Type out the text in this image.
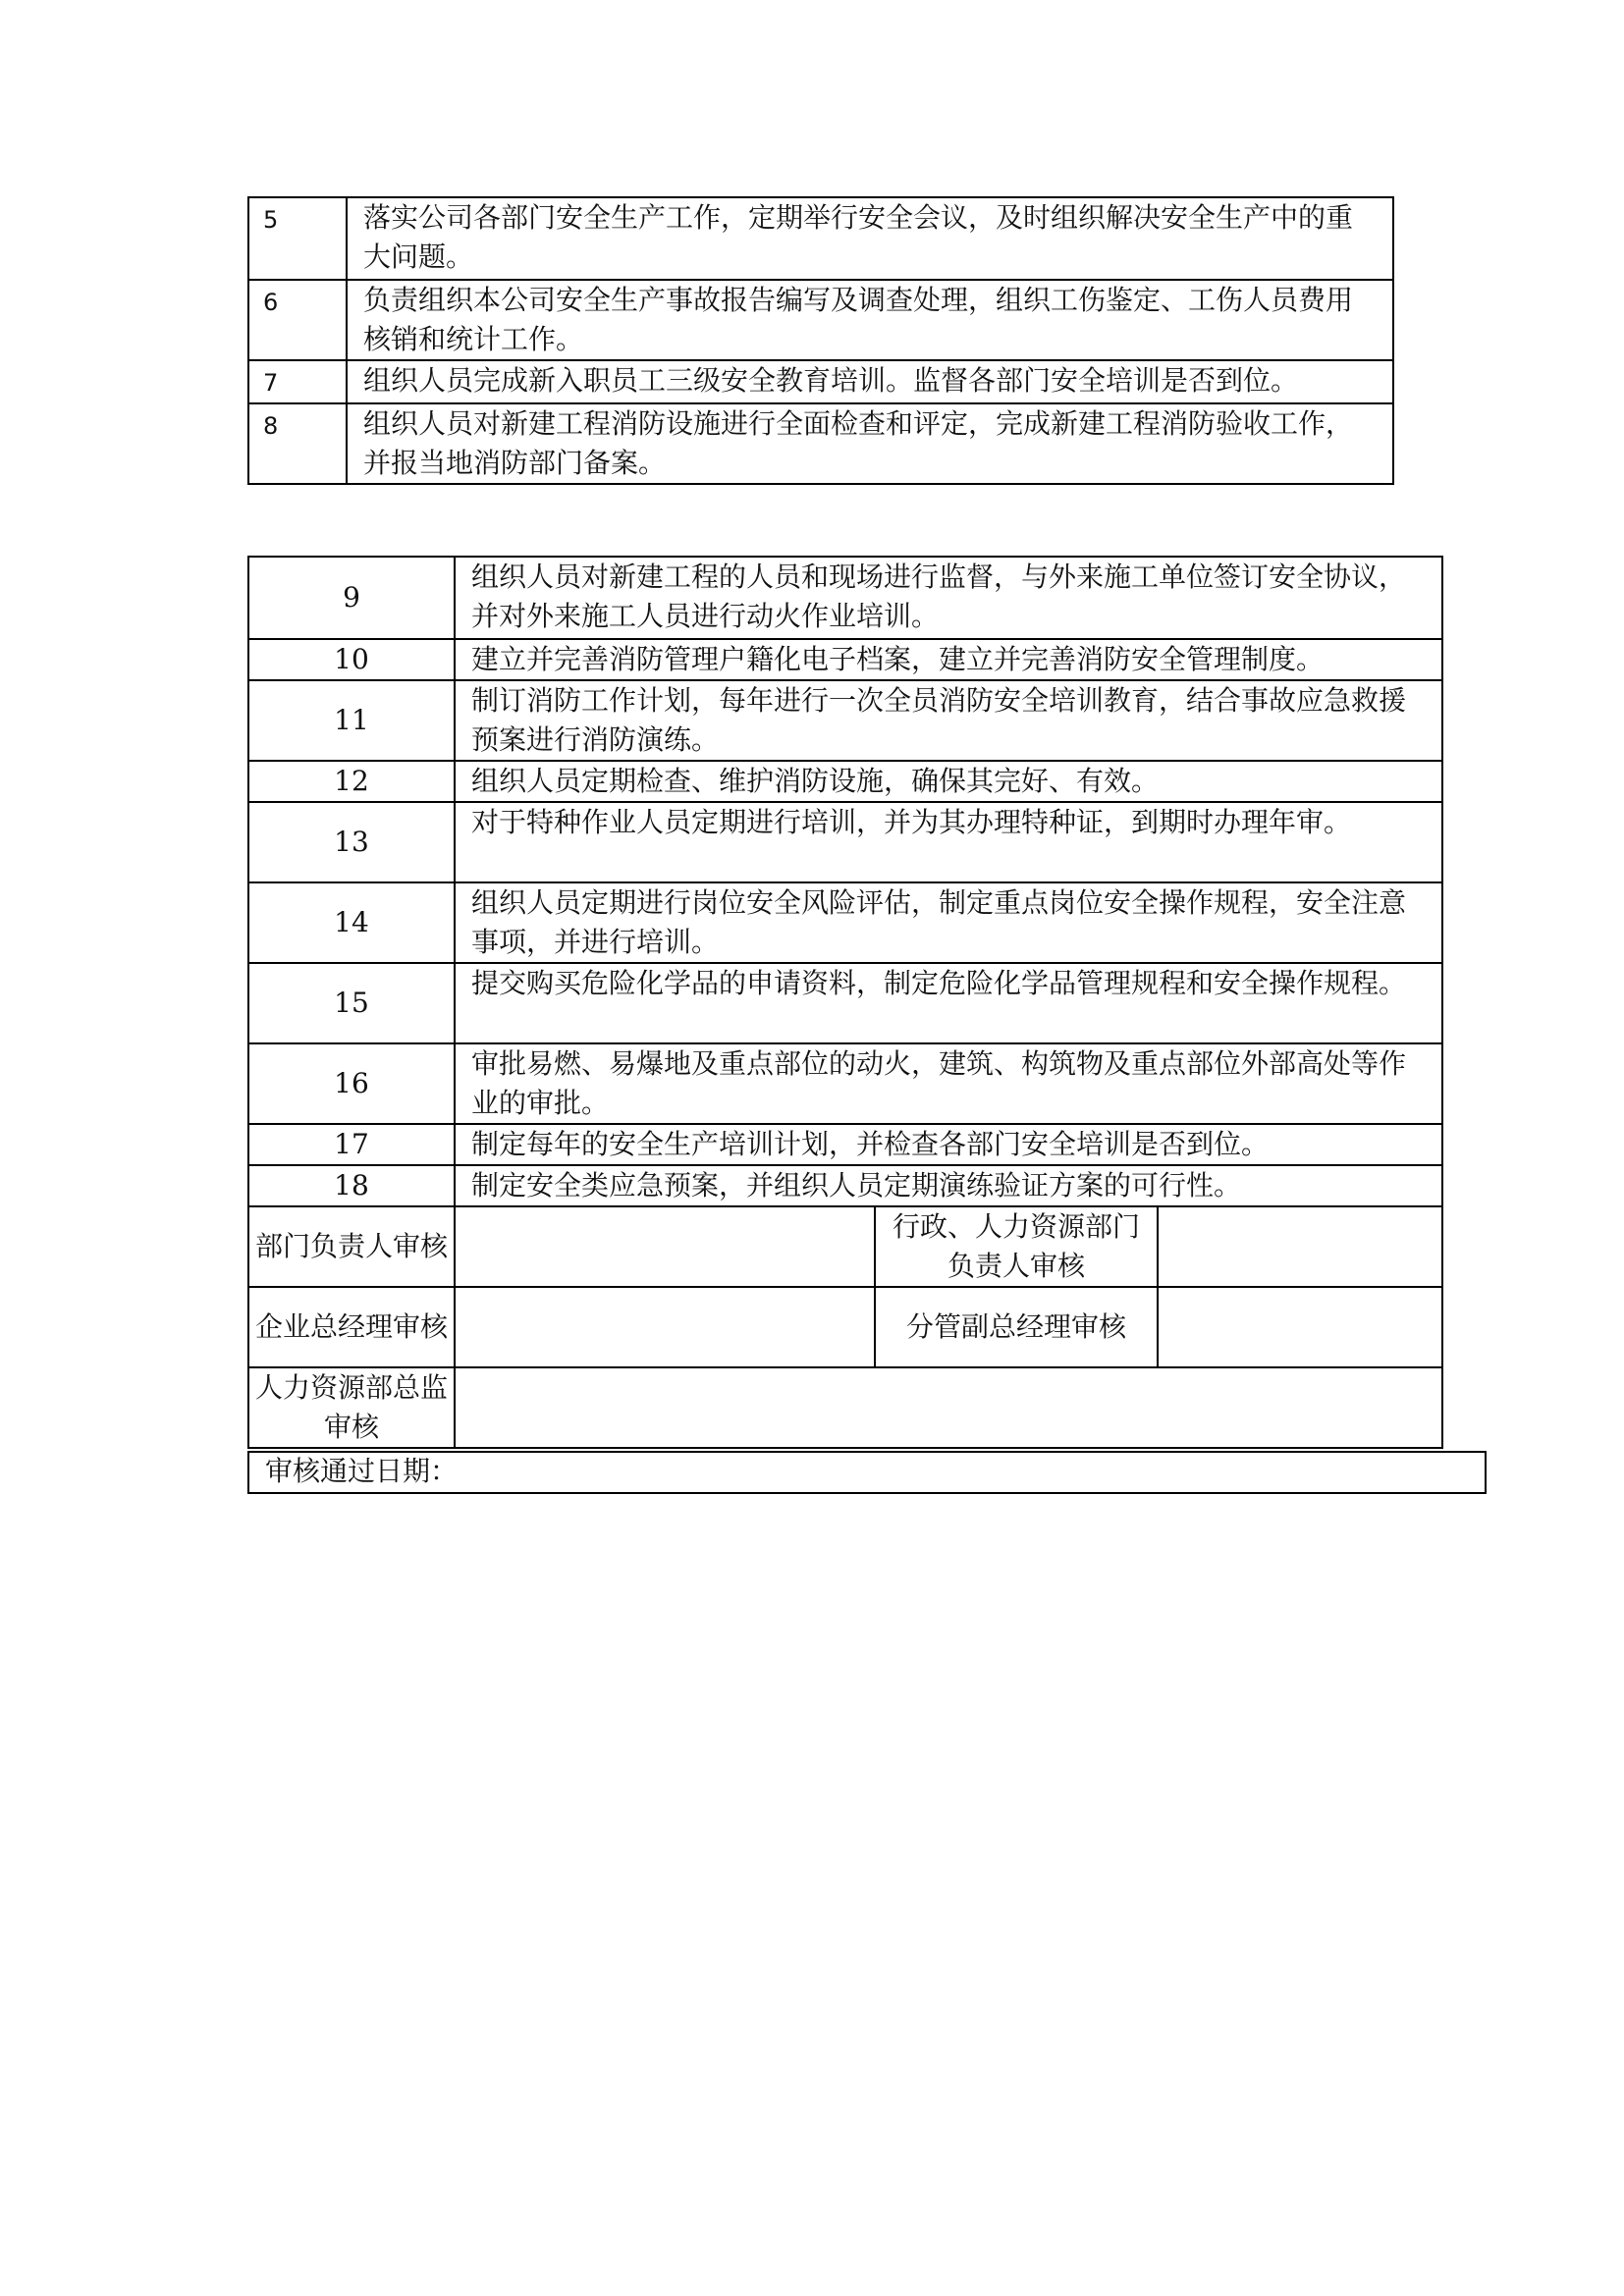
5	落实公司各部门安全生产工作，定期举行安全会议，及时组织解决安全生产中的重大问题。
6	负责组织本公司安全生产事故报告编写及调查处理，组织工伤鉴定、工伤人员费用核销和统计工作。
7	组织人员完成新入职员工三级安全教育培训。监督各部门安全培训是否到位。
8	组织人员对新建工程消防设施进行全面检查和评定，完成新建工程消防验收工作，并报当地消防部门备案。
9	组织人员对新建工程的人员和现场进行监督，与外来施工单位签订安全协议，并对外来施工人员进行动火作业培训。		
10	建立并完善消防管理户籍化电子档案，建立并完善消防安全管理制度。		
11	制订消防工作计划，每年进行一次全员消防安全培训教育，结合事故应急救援预案进行消防演练。		
12	组织人员定期检查、维护消防设施，确保其完好、有效。		
13	对于特种作业人员定期进行培训，并为其办理特种证，到期时办理年审。		
14	组织人员定期进行岗位安全风险评估，制定重点岗位安全操作规程，安全注意事项，并进行培训。		
15	提交购买危险化学品的申请资料，制定危险化学品管理规程和安全操作规程。		
16	审批易燃、易爆地及重点部位的动火，建筑、构筑物及重点部位外部高处等作业的审批。		
17	制定每年的安全生产培训计划，并检查各部门安全培训是否到位。		
18	制定安全类应急预案，并组织人员定期演练验证方案的可行性。		
部门负责人审核		行政、人力资源部门负责人审核	
企业总经理审核		分管副总经理审核	
人力资源部总监审核			
审核通过日期：
